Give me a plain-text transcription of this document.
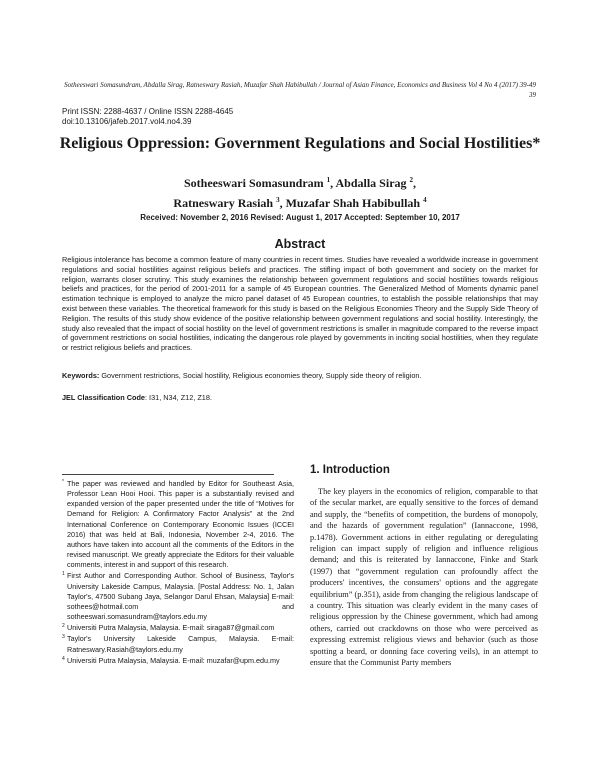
Sotheeswari Somasundram, Abdalla Sirag, Ratneswary Rasiah, Muzafar Shah Habibullah / Journal of Asian Finance, Economics and Business Vol 4 No 4 (2017) 39-49 39
Print ISSN: 2288-4637 / Online ISSN 2288-4645
doi:10.13106/jafeb.2017.vol4.no4.39
Religious Oppression: Government Regulations and Social Hostilities*
Sotheeswari Somasundram $^1$, Abdalla Sirag $^2$,
Ratneswary Rasiah $^3$, Muzafar Shah Habibullah $^4$
Received: November 2, 2016 Revised: August 1, 2017 Accepted: September 10, 2017
Abstract
Religious intolerance has become a common feature of many countries in recent times. Studies have revealed a worldwide increase in government regulations and social hostilities against religious beliefs and practices. The stifling impact of both government and society on the market for religion, warrants closer scrutiny. This study examines the relationship between government regulations and social hostilities towards religious beliefs and practices, for the period of 2001-2011 for a sample of 45 European countries. The Generalized Method of Moments dynamic panel estimation technique is employed to analyze the micro panel dataset of 45 European countries, to establish the possible relationships that may exist between these variables. The theoretical framework for this study is based on the Religious Economies Theory and the Supply Side Theory of Religion. The results of this study show evidence of the positive relationship between government regulations and social hostility. Interestingly, the study also revealed that the impact of social hostility on the level of government restrictions is smaller in magnitude compared to the reverse impact of government restrictions on social hostilities, indicating the dangerous role played by governments in inciting social hostilities, when they regulate or restrict religious beliefs and practices.
Keywords: Government restrictions, Social hostility, Religious economies theory, Supply side theory of religion.
JEL Classification Code: I31, N34, Z12, Z18.
* The paper was reviewed and handled by Editor for Southeast Asia, Professor Lean Hooi Hooi. This paper is a substantially revised and expanded version of the paper presented under the title of “Motives for Demand for Religion: A Confirmatory Factor Analysis” at the 2nd International Conference on Contemporary Economic Issues (ICCEI 2016) that was held at Bali, Indonesia, November 2-4, 2016. The authors have taken into account all the comments of the Editors in the revised manuscript. We greatly appreciate the Editors for their valuable comments, interest in and support of this research.
1 First Author and Corresponding Author. School of Business, Taylor's University Lakeside Campus, Malaysia. [Postal Address: No. 1, Jalan Taylor's, 47500 Subang Jaya, Selangor Darul Ehsan, Malaysia] E-mail: sothees@hotmail.com and sotheeswari.somasundram@taylors.edu.my
2 Universiti Putra Malaysia, Malaysia. E-mail: siraga87@gmail.com
3 Taylor's University Lakeside Campus, Malaysia. E-mail: Ratneswary.Rasiah@taylors.edu.my
4 Universiti Putra Malaysia, Malaysia. E-mail: muzafar@upm.edu.my
1. Introduction
The key players in the economics of religion, comparable to that of the secular market, are equally sensitive to the forces of demand and supply, the “benefits of competition, the burdens of monopoly, and the hazards of government regulation” (Iannaccone, 1998, p.1478). Government actions in either regulating or deregulating religion can impact supply of religion and influence religious demand; and this is reiterated by Iannaccone, Finke and Stark (1997) that “government regulation can profoundly affect the producers' incentives, the consumers' options and the aggregate equilibrium” (p.351), aside from changing the religious landscape of a country. This situation was clearly evident in the many cases of religious oppression by the Chinese government, which had among others, carried out crackdowns on those who were perceived as expressing extremist religious views and behavior (such as those spotting a beard, or donning face covering veils), in an attempt to ensure that the Communist Party members
